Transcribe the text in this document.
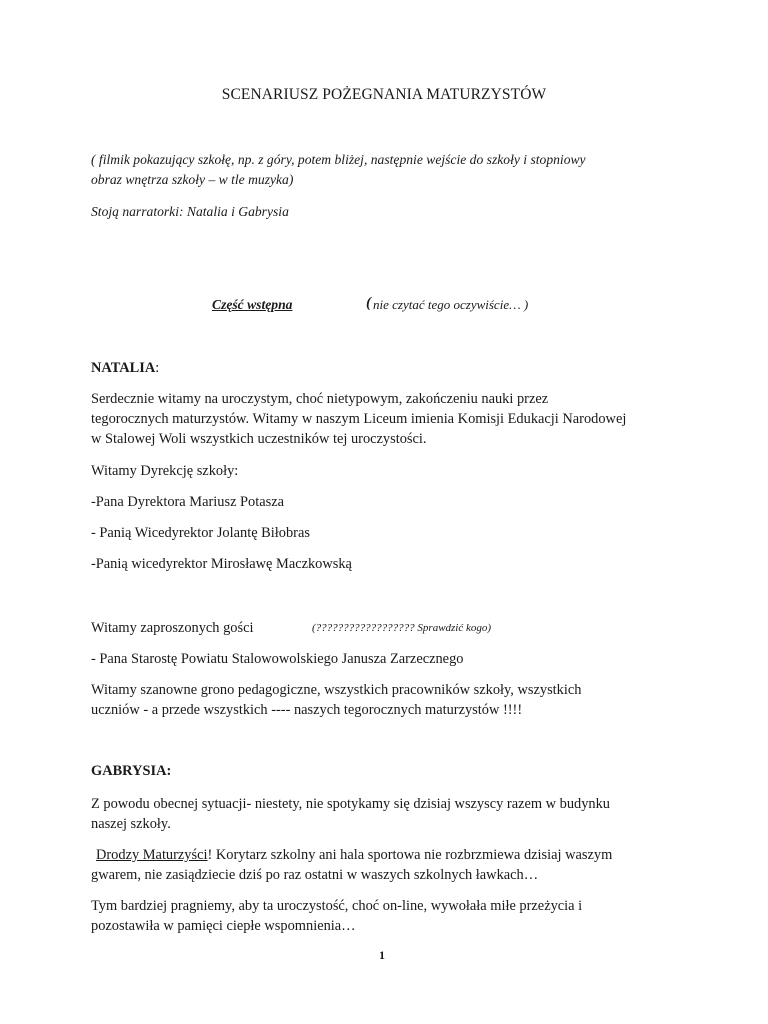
SCENARIUSZ POŻEGNANIA MATURZYSTÓW
( filmik pokazujący szkołę, np. z góry, potem bliżej, następnie wejście do szkoły i stopniowy
obraz wnętrza szkoły – w tle muzyka)
Stoją narratorki: Natalia i Gabrysia
Część wstępna	( nie czytać tego oczywiście… )
NATALIA:
Serdecznie witamy na uroczystym, choć nietypowym, zakończeniu nauki przez
tegorocznych maturzystów. Witamy w naszym Liceum imienia Komisji Edukacji Narodowej
w Stalowej Woli wszystkich uczestników tej uroczystości.
Witamy Dyrekcję szkoły:
-Pana Dyrektora Mariusz Potasza
- Panią Wicedyrektor Jolantę Biłobras
-Panią wicedyrektor Mirosławę Maczkowską
Witamy zaproszonych gości	(?????????????????? Sprawdzić kogo)
- Pana Starostę Powiatu Stalowowolskiego Janusza Zarzecznego
Witamy szanowne grono pedagogiczne, wszystkich pracowników szkoły, wszystkich
uczniów - a przede wszystkich ---- naszych tegorocznych maturzystów !!!!
GABRYSIA:
Z powodu obecnej sytuacji- niestety, nie spotykamy się dzisiaj wszyscy razem w budynku
naszej szkoły.
Drodzy Maturzyści! Korytarz szkolny ani hala sportowa nie rozbrzmiewa dzisiaj waszym
gwarem, nie zasiądziecie dziś po raz ostatni w waszych szkolnych ławkach…
Tym bardziej pragniemy, aby ta uroczystość, choć on-line, wywołała miłe przeżycia i
pozostawiła w pamięci ciepłe wspomnienia…
1
